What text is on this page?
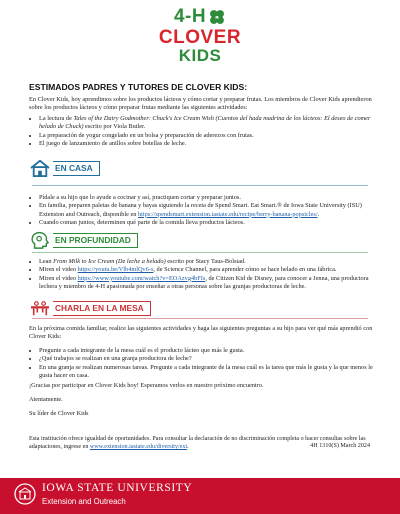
4-H H
CLOVER
KIDS
ESTIMADOS PADRES Y TUTORES DE CLOVER KIDS:
En Clover Kids, hoy aprendimos sobre los productos lácteos y cómo cortar y preparar frutas. Los miembros de Clover Kids aprendieron sobre los productos lácteos y cómo preparar frutas mediante las siguientes actividades:
• La lectura de Tales of the Dairy Godmother: Chuck's Ice Cream Wish (Cuentos del hada madrina de los lácteos: El deseo de comer helado de Chuck) escrito por Viola Butler.
• La preparación de yogur congelado en un bolsa y preparación de aderezos con frutas.
• El juego de lanzamiento de anillos sobre botellas de leche.
EN CASA
• Pídale a su hijo que lo ayude a cocinar y así, practiquen cortar y preparar juntos.
• En familia, preparen paletas de banana y bayas siguiendo la receta de Spend Smart. Eat Smart.® de Iowa State University (ISU) Extension and Outreach, disponible en https://spendsmart.extension.iastate.edu/recipe/berry-banana-popsicles/.
• Cuando coman juntos, determinen qué parte de la comida lleva productos lácteos.
EN PROFUNDIDAD
• Lean From Milk to Ice Cream (De leche a helado) escrito por Stacy Taus-Bolstad.
• Miren el video https://youtu.be/Vlb4mlQv6-s, de Science Channel, para aprender cómo se hace helado en una fábrica.
• Miren el video https://www.youtube.com/watch?v=EOAzvg4bFIs, de Citizen Kid de Disney, para conocer a Jenna, una productora lechera y miembro de 4-H apasionada por enseñar a otras personas sobre las granjas productoras de leche.
CHARLA EN LA MESA
En la próxima comida familiar, realice las siguientes actividades y haga las siguientes preguntas a su hijo para ver qué más aprendió con Clover Kids:
• Pregunte a cada integrante de la mesa cuál es el producto lácteo que más le gusta.
• ¿Qué trabajos se realizan en una granja productora de leche?
• En una granja se realizan numerosas tareas. Pregunte a cada integrante de la mesa cuál es la tarea que más le gusta y la que menos le gusta hacer en casa.
¡Gracias por participar en Clover Kids hoy! Esperamos verlos en nuestro próximo encuentro.
Atentamente.
Su líder de Clover Kids
Esta institución ofrece igualdad de oportunidades. Para consultar la declaración de no discriminación completa o hacer consultas sobre las adaptaciones, ingrese en www.extension.iastate.edu/diversity/ext.	4H 1310(S) March 2024
IOWA STATE UNIVERSITY
Extension and Outreach
